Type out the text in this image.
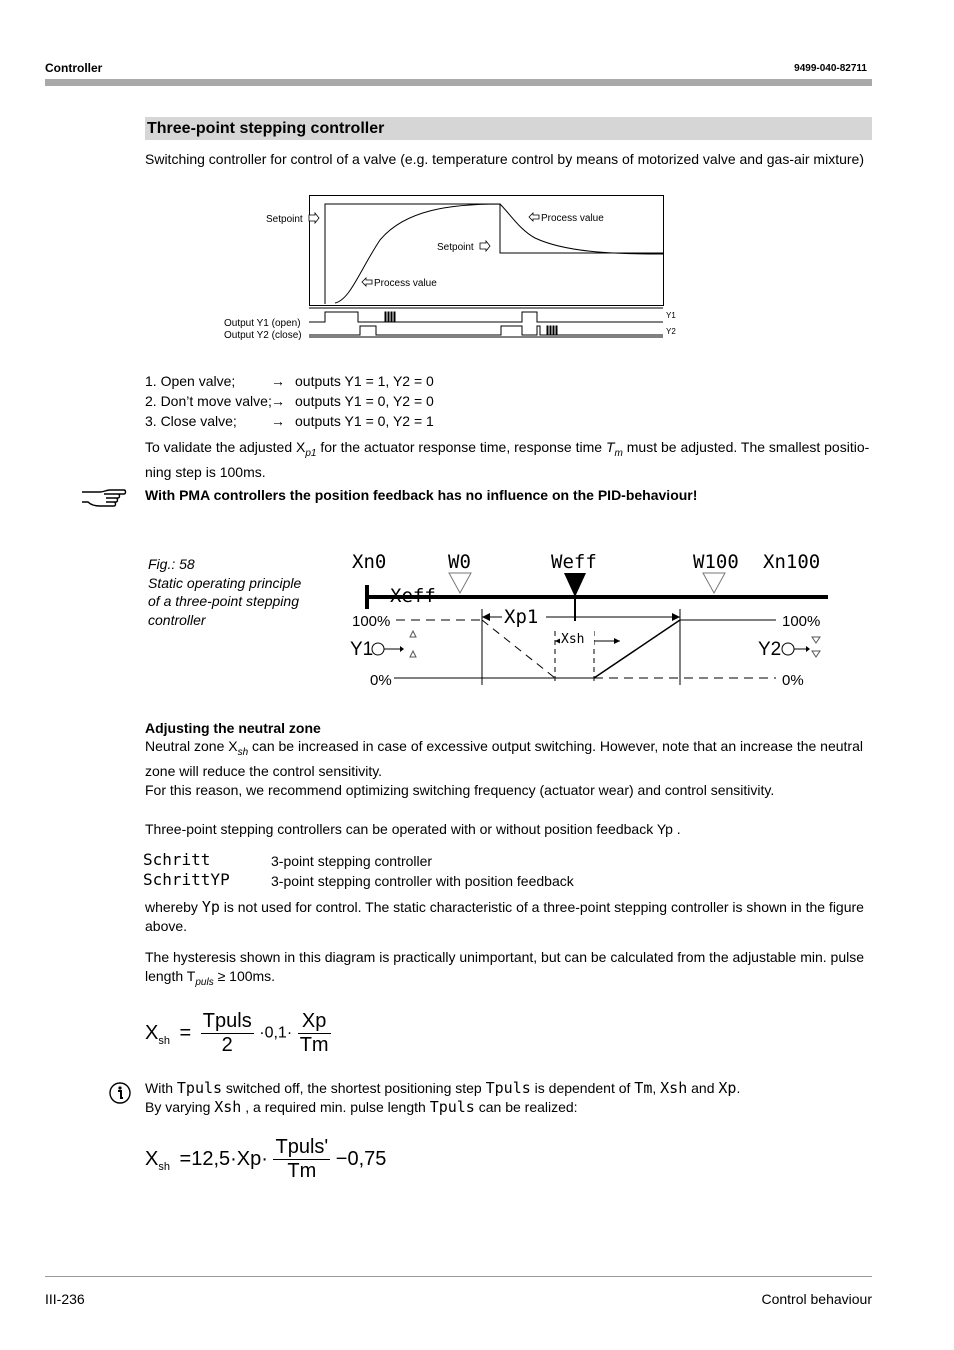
Controller	9499-040-82711
Three-point stepping controller
Switching controller for control of a valve (e.g. temperature control by means of motorized valve and gas-air mixture)
Setpoint
Setpoint
Process value
Process value
Output Y1 (open)
Output Y2 (close)
Y1
Y2
1. Open valve;	→ outputs Y1 = 1, Y2 = 0
2. Don’t move valve; → outputs Y1 = 0, Y2 = 0
3. Close valve; → outputs Y1 = 0, Y2 = 1
To validate the adjusted $X_{p1}$ for the actuator response time, response time $T_m$ must be adjusted. The smallest positio-
ning step is 100ms.
With PMA controllers the position feedback has no influence on the PID-behaviour!
Fig.: 58
Static operating principle
of a three-point stepping
controller
Xn0	W0	Weff	W100 Xn100
Xeff
Xp1
Xsh
100%	100%
0%	0%
Y1	Y2
Adjusting the neutral zone
Neutral zone $X_{sh}$ can be increased in case of excessive output switching. However, note that an increase the neutral
zone will reduce the control sensitivity.
For this reason, we recommend optimizing switching frequency (actuator wear) and control sensitivity.
Three-point stepping controllers can be operated with or without position feedback Yp .
Schritt	3-point stepping controller
SchrittYP	3-point stepping controller with position feedback
whereby Yp is not used for control. The static characteristic of a three-point stepping controller is shown in the figure
above.
The hysteresis shown in this diagram is practically unimportant, but can be calculated from the adjustable min. pulse
length $T_{puls} \ge 100ms$.
$X_{sh} = \frac{\text{Tpuls}}{2} \cdot 0,1\cdot \frac{Xp}{Tm}$
With Tpuls switched off, the shortest positioning step Tpuls is dependent of Tm, Xsh and Xp.
By varying Xsh , a required min. pulse length Tpuls can be realized:
$X_{sh} =12,5\cdot Xp\cdot \frac{\text{Tpuls'}}{Tm} -0,75$
III-236	Control behaviour
